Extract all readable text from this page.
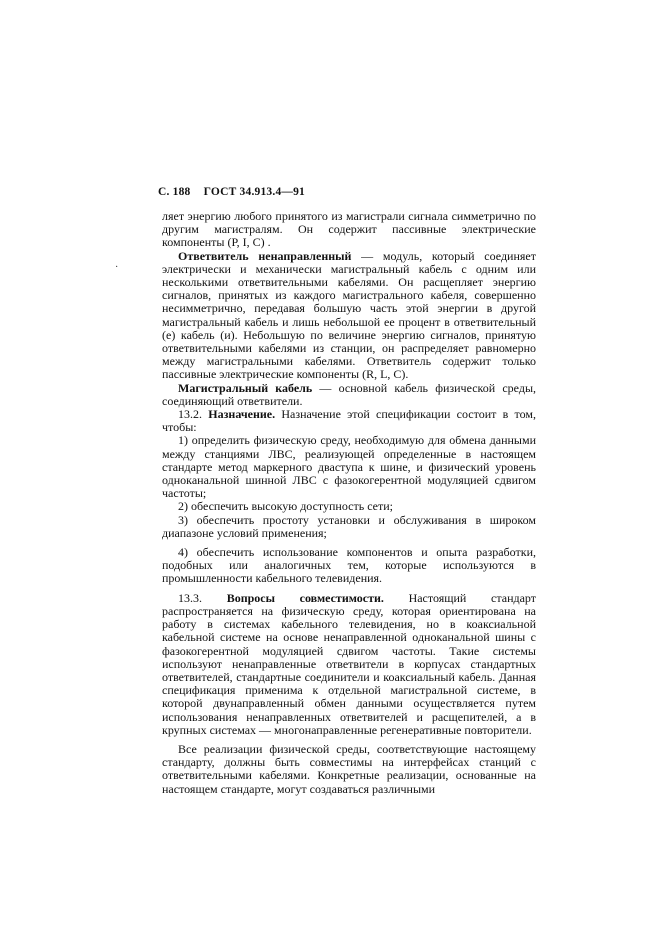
С. 188 ГОСТ 34.913.4—91
·

ляет энергию любого принятого из магистрали сигнала симметрично по другим магистралям. Он содержит пассивные электрические компоненты (Р, I, С) .

Ответвитель ненаправленный — модуль, который соединяет электрически и механически магистральный кабель с одним или несколькими ответвительными кабелями. Он расщепляет энергию сигналов, принятых из каждого магистрального кабеля, совершенно несимметрично, передавая большую часть этой энергии в другой магистральный кабель и лишь небольшой ее процент в ответвительный (е) кабель (и). Небольшую по величине энергию сигналов, принятую ответвительными кабелями из станции, он распределяет равномерно между магистральными кабелями. Ответвитель содержит только пассивные электрические компоненты (R, L, C).

Магистральный кабель — основной кабель физической среды, соединяющий ответвители.

13.2. Назначение. Назначение этой спецификации состоит в том, чтобы:

1) определить физическую среду, необходимую для обмена данными между станциями ЛВС, реализующей определенные в настоящем стандарте метод маркерного дваступа к шине, и физический уровень одноканальной шинной ЛВС с фазокогерентной модуляцией сдвигом частоты;

2) обеспечить высокую доступность сети;

3) обеспечить простоту установки и обслуживания в широком диапазоне условий применения;

4) обеспечить использование компонентов и опыта разработки, подобных или аналогичных тем, которые используются в промышленности кабельного телевидения.

13.3. Вопросы совместимости. Настоящий стандарт распространяется на физическую среду, которая ориентирована на работу в системах кабельного телевидения, но в коаксиальной кабельной системе на основе ненаправленной одноканальной шины с фазокогерентной модуляцией сдвигом частоты. Такие системы используют ненаправленные ответвители в корпусах стандартных ответвителей, стандартные соединители и коаксиальный кабель. Данная спецификация применима к отдельной магистральной системе, в которой двунаправленный обмен данными осуществляется путем использования ненаправленных ответвителей и расщепителей, а в крупных системах — многонаправленные регенеративные повторители.

Все реализации физической среды, соответствующие настоящему стандарту, должны быть совместимы на интерфейсах станций с ответвительными кабелями. Конкретные реализации, основанные на настоящем стандарте, могут создаваться различными
